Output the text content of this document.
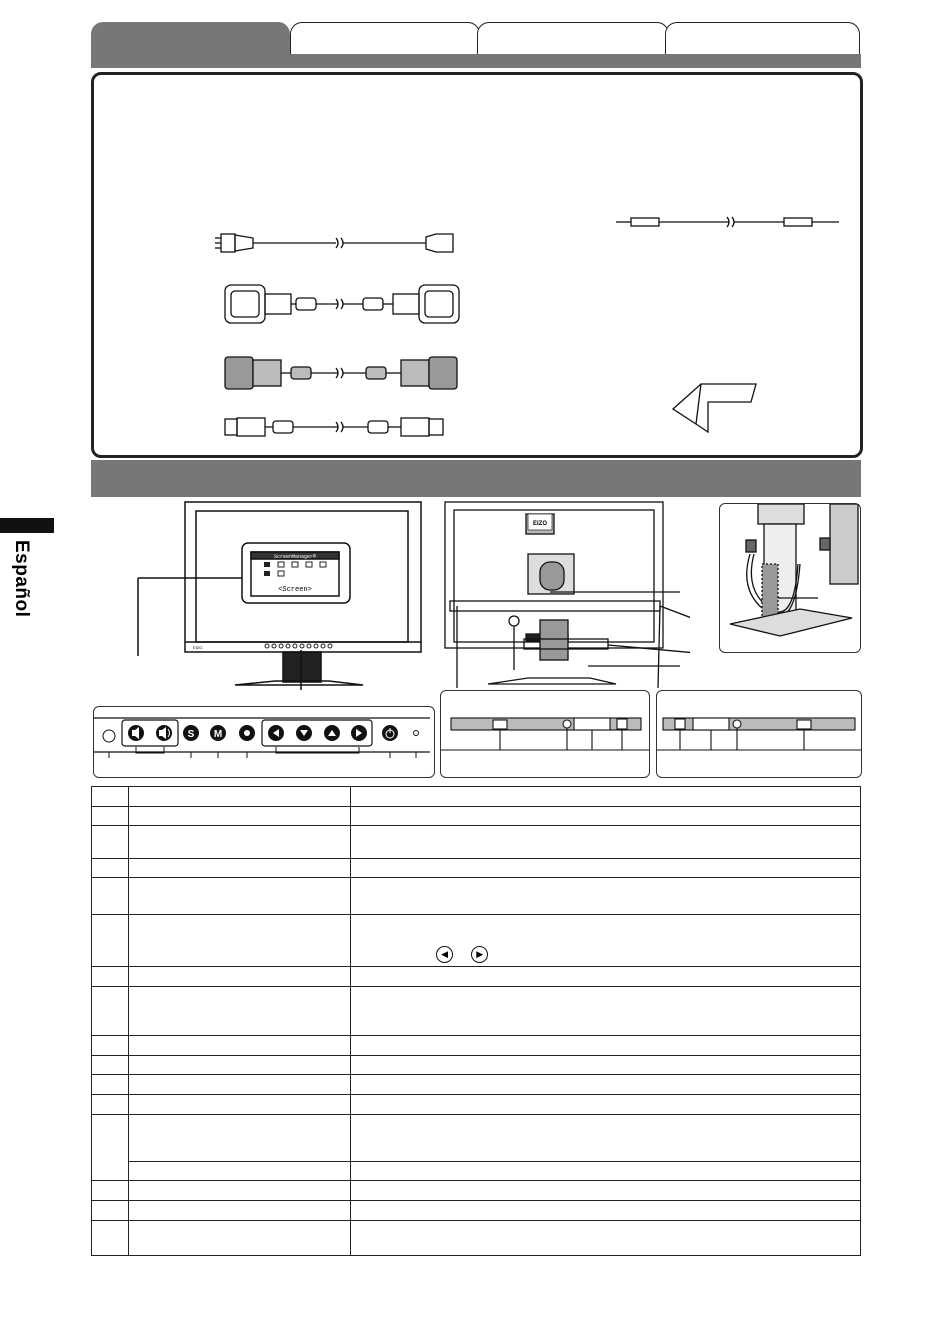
Español	ScreenManager®
<Screen>
EIZO
EIZO
S M

		◀ ▶
